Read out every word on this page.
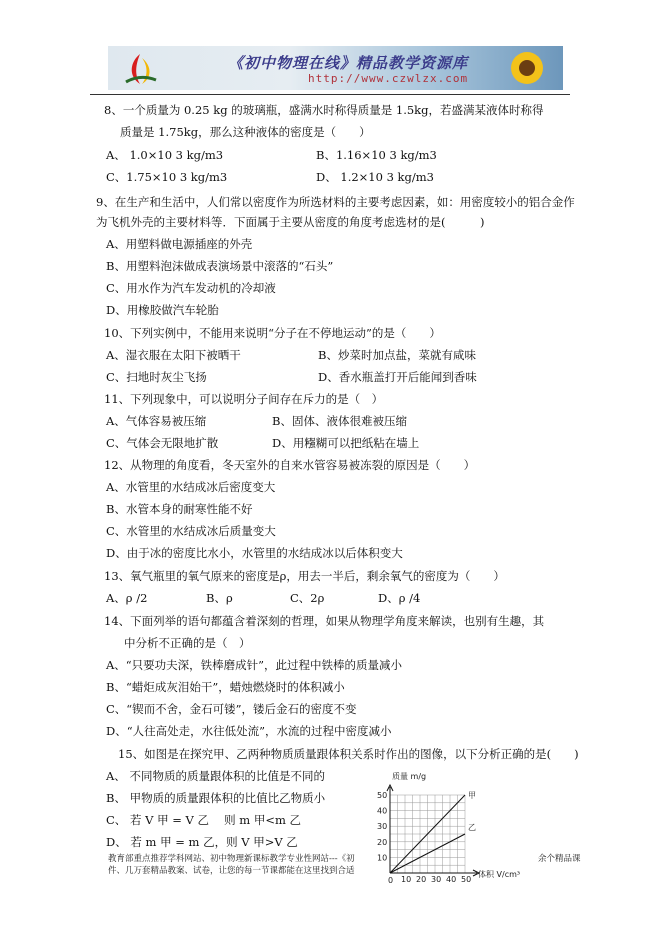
《初中物理在线》精品教学资源库
http://www.czwlzx.com
8、一个质量为 0.25 kg 的玻璃瓶，盛满水时称得质量是 1.5kg，若盛满某液体时称得
质量是 1.75kg，那么这种液体的密度是（　　）
A、 1.0×10 3 kg/m3	B、1.16×10 3 kg/m3
C、1.75×10 3 kg/m3	D、 1.2×10 3 kg/m3
9、在生产和生活中，人们常以密度作为所选材料的主要考虑因素，如：用密度较小的铝合金作
为飞机外壳的主要材料等．下面属于主要从密度的角度考虑选材的是(　　　)
A、用塑料做电源插座的外壳
B、用塑料泡沫做成表演场景中滚落的“石头”
C、用水作为汽车发动机的冷却液
D、用橡胶做汽车轮胎
10、下列实例中，不能用来说明“分子在不停地运动”的是（　　）
A、湿衣服在太阳下被晒干	B、炒菜时加点盐，菜就有咸味
C、扫地时灰尘飞扬	D、香水瓶盖打开后能闻到香味
11、下列现象中，可以说明分子间存在斥力的是（　）
A、气体容易被压缩	B、固体、液体很难被压缩
C、气体会无限地扩散	D、用糨糊可以把纸粘在墙上
12、从物理的角度看，冬天室外的自来水管容易被冻裂的原因是（　　）
A、水管里的水结成冰后密度变大
B、水管本身的耐寒性能不好
C、水管里的水结成冰后质量变大
D、由于冰的密度比水小，水管里的水结成冰以后体积变大
13、氧气瓶里的氧气原来的密度是ρ，用去一半后，剩余氧气的密度为（　　）
A、ρ /2	B、ρ	C、2ρ	D、ρ /4
14、下面列举的语句都蕴含着深刻的哲理，如果从物理学角度来解读，也别有生趣，其
中分析不正确的是（　）
A、“只要功夫深，铁棒磨成针”，此过程中铁棒的质量减小
B、“蜡炬成灰泪始干”，蜡烛燃烧时的体积减小
C、“锲而不舍，金石可镂”，镂后金石的密度不变
D、“人往高处走，水往低处流”，水流的过程中密度减小
15、如图是在探究甲、乙两种物质质量跟体积关系时作出的图像，以下分析正确的是(　　)
A、 不同物质的质量跟体积的比值是不同的
B、 甲物质的质量跟体积的比值比乙物质小
C、 若 V 甲 = V 乙　 则 m 甲<m 乙
D、 若 m 甲 = m 乙，则 V 甲>V 乙
10 20 30 40 50
10
20
30
40
50	甲
乙
质量 m/g
体积 V/cm³
0
教育部重点推荐学科网站、初中物理新课标教学专业性网站---《初
件、几万套精品教案、试卷，让您的每一节课都能在这里找到合适
余个精品课
